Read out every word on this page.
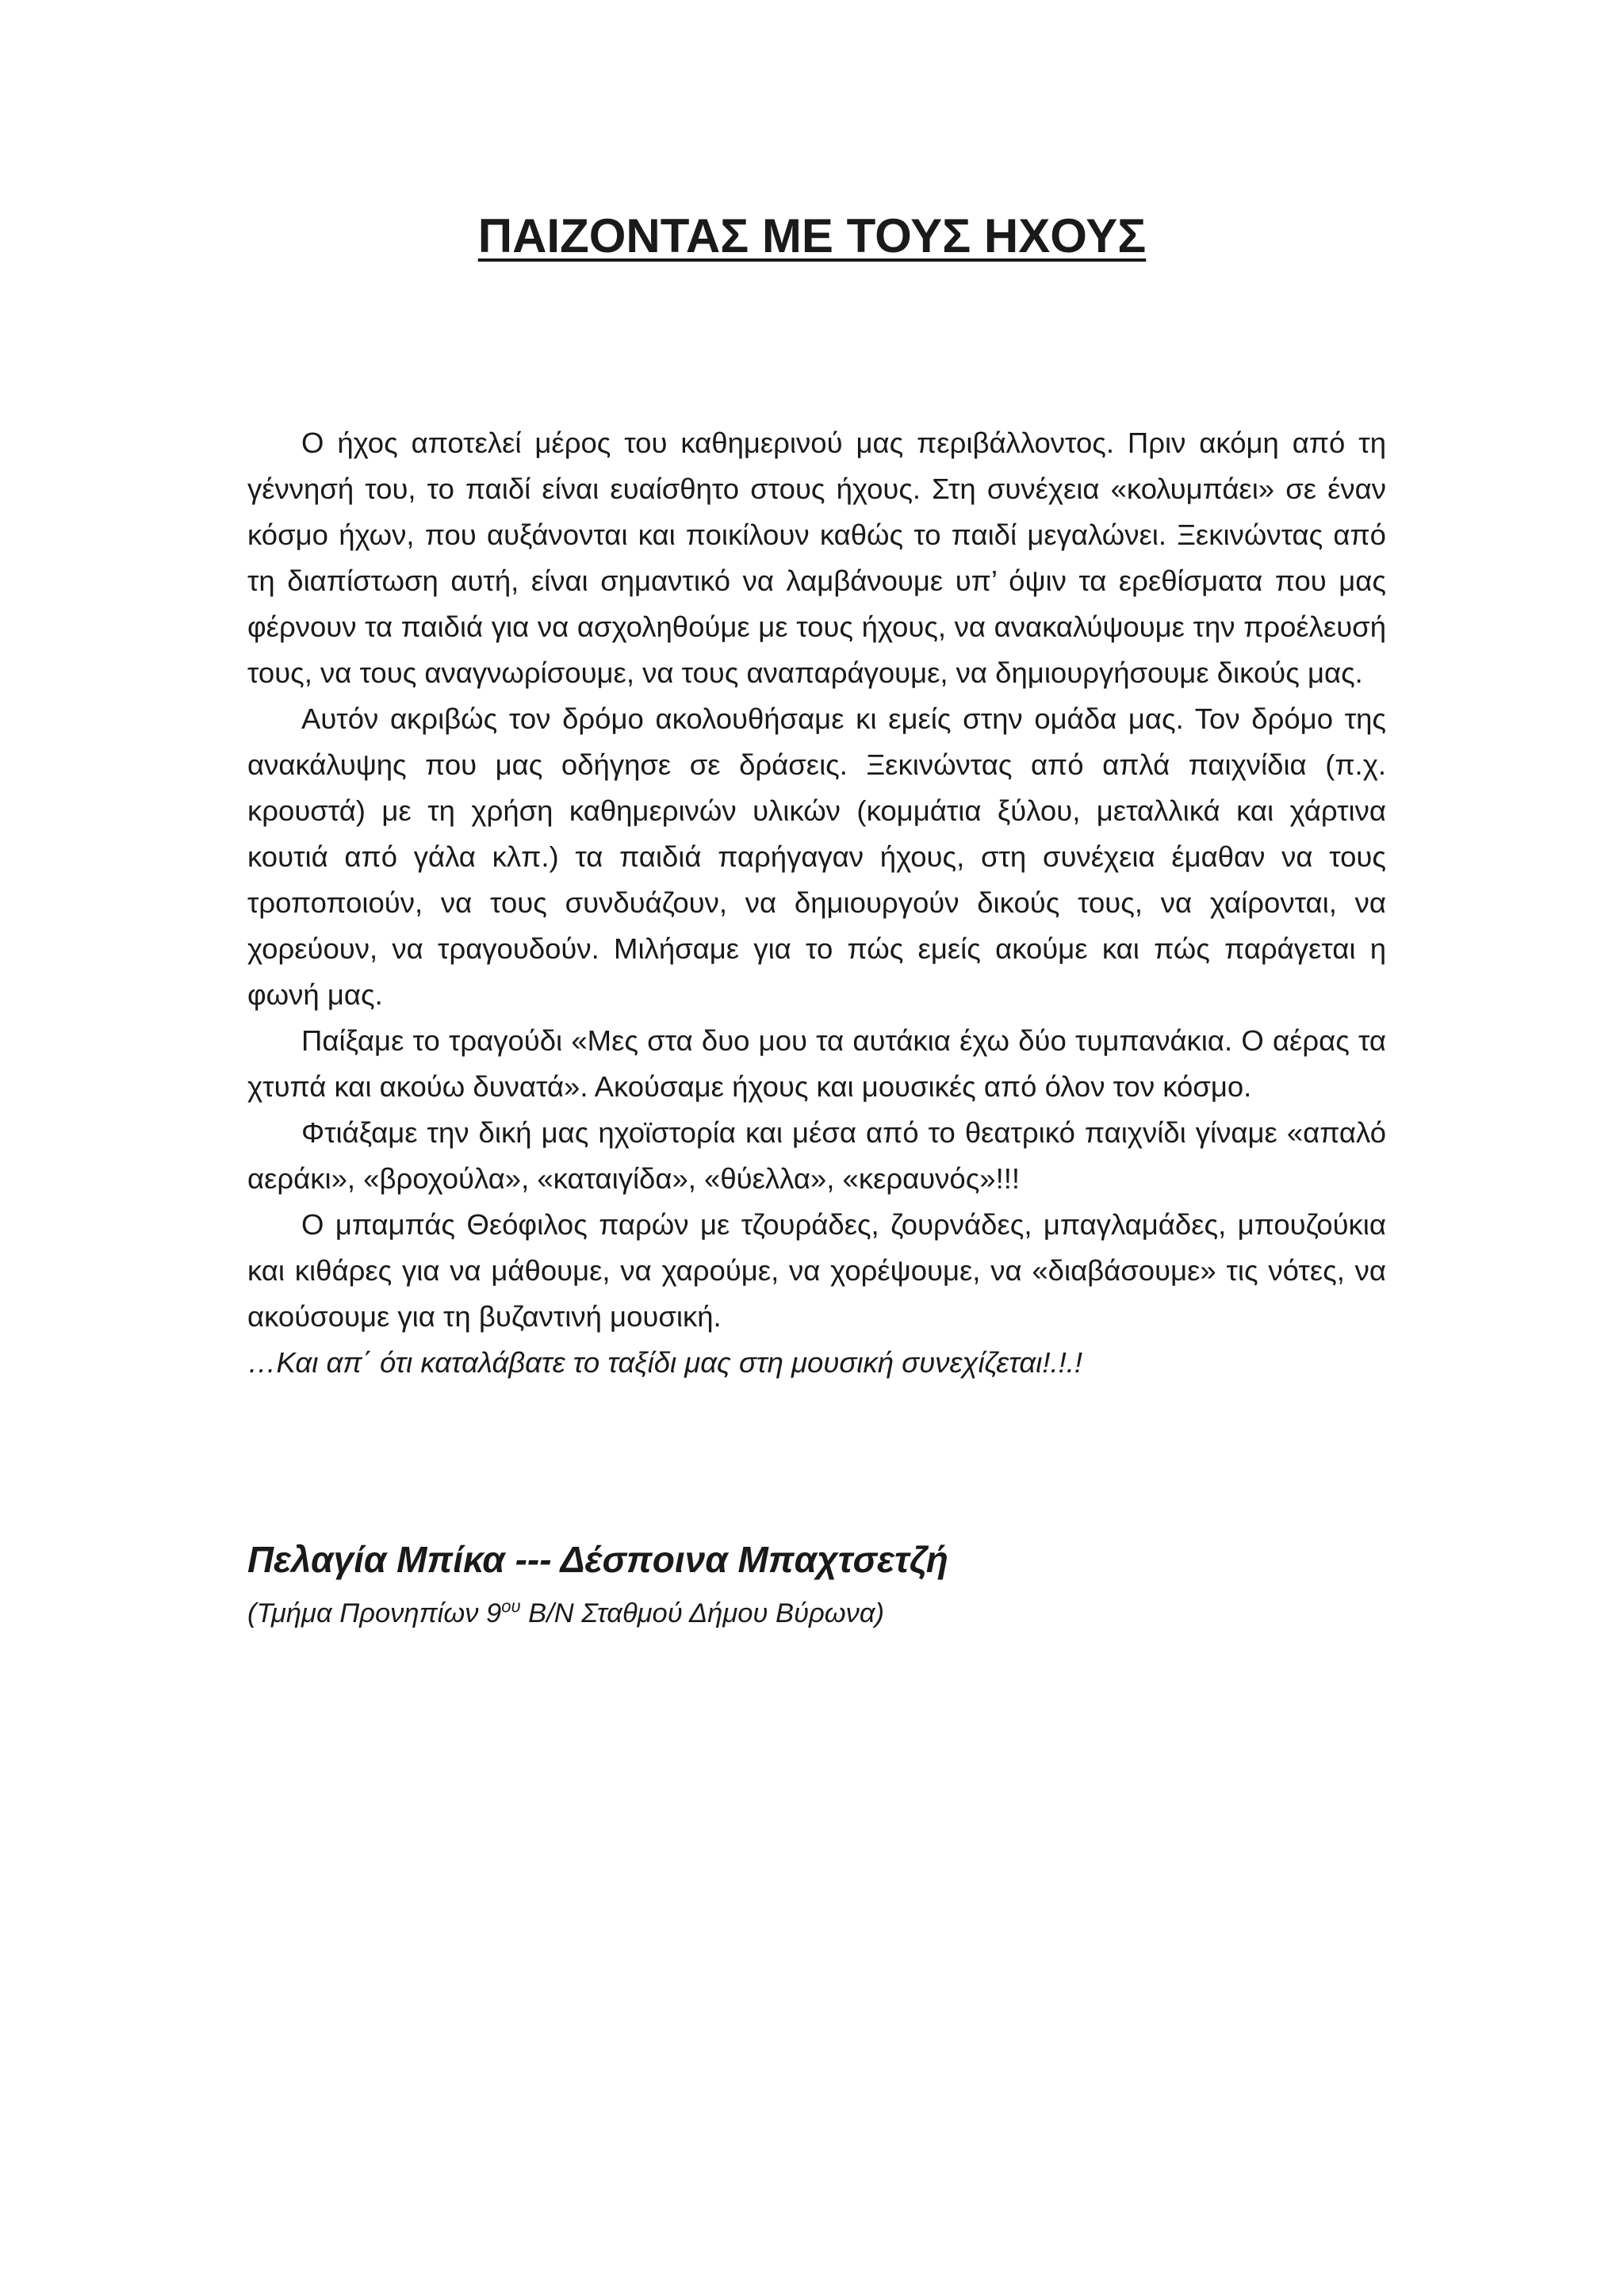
ΠΑΙΖΟΝΤΑΣ ΜΕ ΤΟΥΣ ΗΧΟΥΣ

Ο ήχος αποτελεί μέρος του καθημερινού μας περιβάλλοντος. Πριν ακόμη από τη γέννησή του, το παιδί είναι ευαίσθητο στους ήχους. Στη συνέχεια «κολυμπάει» σε έναν κόσμο ήχων, που αυξάνονται και ποικίλουν καθώς το παιδί μεγαλώνει. Ξεκινώντας από τη διαπίστωση αυτή, είναι σημαντικό να λαμβάνουμε υπ’ όψιν τα ερεθίσματα που μας φέρνουν τα παιδιά για να ασχοληθούμε με τους ήχους, να ανακαλύψουμε την προέλευσή τους, να τους αναγνωρίσουμε, να τους αναπαράγουμε, να δημιουργήσουμε δικούς μας.

Αυτόν ακριβώς τον δρόμο ακολουθήσαμε κι εμείς στην ομάδα μας. Τον δρόμο της ανακάλυψης που μας οδήγησε σε δράσεις. Ξεκινώντας από απλά παιχνίδια (π.χ. κρουστά) με τη χρήση καθημερινών υλικών (κομμάτια ξύλου, μεταλλικά και χάρτινα κουτιά από γάλα κλπ.) τα παιδιά παρήγαγαν ήχους, στη συνέχεια έμαθαν να τους τροποποιούν, να τους συνδυάζουν, να δημιουργούν δικούς τους, να χαίρονται, να χορεύουν, να τραγουδούν. Μιλήσαμε για το πώς εμείς ακούμε και πώς παράγεται η φωνή μας.

Παίξαμε το τραγούδι «Μες στα δυο μου τα αυτάκια έχω δύο τυμπανάκια. Ο αέρας τα χτυπά και ακούω δυνατά». Ακούσαμε ήχους και μουσικές από όλον τον κόσμο.

Φτιάξαμε την δική μας ηχοϊστορία και μέσα από το θεατρικό παιχνίδι γίναμε «απαλό αεράκι», «βροχούλα», «καταιγίδα», «θύελλα», «κεραυνός»!!!

Ο μπαμπάς Θεόφιλος παρών με τζουράδες, ζουρνάδες, μπαγλαμάδες, μπουζούκια και κιθάρες για να μάθουμε, να χαρούμε, να χορέψουμε, να «διαβάσουμε» τις νότες, να ακούσουμε για τη βυζαντινή μουσική.

…Και απ΄ ότι καταλάβατε το ταξίδι μας στη μουσική συνεχίζεται!.!.!

Πελαγία Μπίκα --- Δέσποινα Μπαχτσετζή

(Τμήμα Προνηπίων $9^{o\upsilon}$ Β/Ν Σταθμού Δήμου Βύρωνα)
